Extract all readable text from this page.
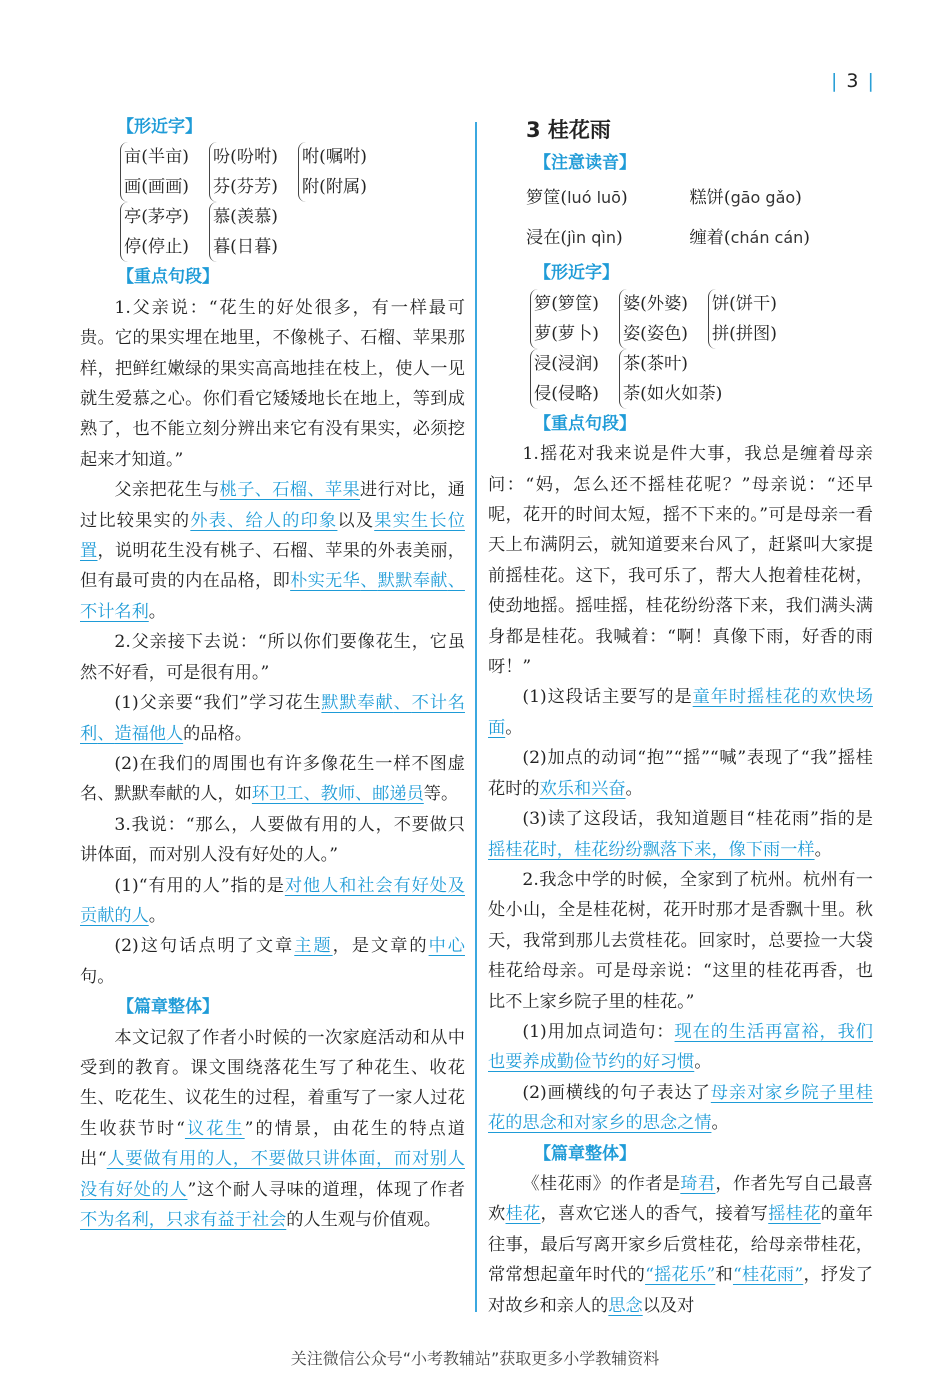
| 3 |
【形近字】
亩(半亩)
画(画画)
吩(吩咐)
芬(芬芳)
咐(嘱咐)
附(附属)
亭(茅亭)
停(停止)
慕(羡慕)
暮(日暮)
【重点句段】

1.父亲说：“花生的好处很多，有一样最可贵。它的果实埋在地里，不像桃子、石榴、苹果那样，把鲜红嫩绿的果实高高地挂在枝上，使人一见就生爱慕之心。你们看它矮矮地长在地上，等到成熟了，也不能立刻分辨出来它有没有果实，必须挖起来才知道。”

父亲把花生与桃子、石榴、苹果进行对比，通过比较果实的外表、给人的印象以及果实生长位置，说明花生没有桃子、石榴、苹果的外表美丽，但有最可贵的内在品格，即朴实无华、默默奉献、不计名利。

2.父亲接下去说：“所以你们要像花生，它虽然不好看，可是很有用。”

(1)父亲要“我们”学习花生默默奉献、不计名利、造福他人的品格。

(2)在我们的周围也有许多像花生一样不图虚名、默默奉献的人，如环卫工、教师、邮递员等。

3.我说：“那么，人要做有用的人，不要做只讲体面，而对别人没有好处的人。”

(1)“有用的人”指的是对他人和社会有好处及贡献的人。

(2)这句话点明了文章主题，是文章的中心句。

【篇章整体】

本文记叙了作者小时候的一次家庭活动和从中受到的教育。课文围绕落花生写了种花生、收花生、吃花生、议花生的过程，着重写了一家人过花生收获节时“议花生”的情景，由花生的特点道出“人要做有用的人，不要做只讲体面，而对别人没有好处的人”这个耐人寻味的道理，体现了作者不为名利，只求有益于社会的人生观与价值观。

3 桂花雨
【注意读音】
箩筐(luó luō)	糕饼(gāo gǎo)
浸在(jìn qìn)	缠着(chán cán)
【形近字】
箩(箩筐)
萝(萝卜)
婆(外婆)
姿(姿色)
饼(饼干)
拼(拼图)
浸(浸润)
侵(侵略)
茶(茶叶)
荼(如火如荼)
【重点句段】

1.摇花对我来说是件大事，我总是缠着母亲问：“妈，怎么还不摇桂花呢？”母亲说：“还早呢，花开的时间太短，摇不下来的。”可是母亲一看天上布满阴云，就知道要来台风了，赶紧叫大家提前摇桂花。这下，我可乐了，帮大人抱着桂花树，使劲地摇。摇哇摇，桂花纷纷落下来，我们满头满身都是桂花。我喊着：“啊！真像下雨，好香的雨呀！”

(1)这段话主要写的是童年时摇桂花的欢快场面。

(2)加点的动词“抱”“摇”“喊”表现了“我”摇桂花时的欢乐和兴奋。

(3)读了这段话，我知道题目“桂花雨”指的是摇桂花时，桂花纷纷飘落下来，像下雨一样。

2.我念中学的时候，全家到了杭州。杭州有一处小山，全是桂花树，花开时那才是香飘十里。秋天，我常到那儿去赏桂花。回家时，总要捡一大袋桂花给母亲。可是母亲说：“这里的桂花再香，也比不上家乡院子里的桂花。”

(1)用加点词造句：现在的生活再富裕，我们也要养成勤俭节约的好习惯。

(2)画横线的句子表达了母亲对家乡院子里桂花的思念和对家乡的思念之情。

【篇章整体】

《桂花雨》的作者是琦君，作者先写自己最喜欢桂花，喜欢它迷人的香气，接着写摇桂花的童年往事，最后写离开家乡后赏桂花，给母亲带桂花，常常想起童年时代的“摇花乐”和“桂花雨”，抒发了对故乡和亲人的思念以及对

关注微信公众号“小考教辅站”获取更多小学教辅资料
